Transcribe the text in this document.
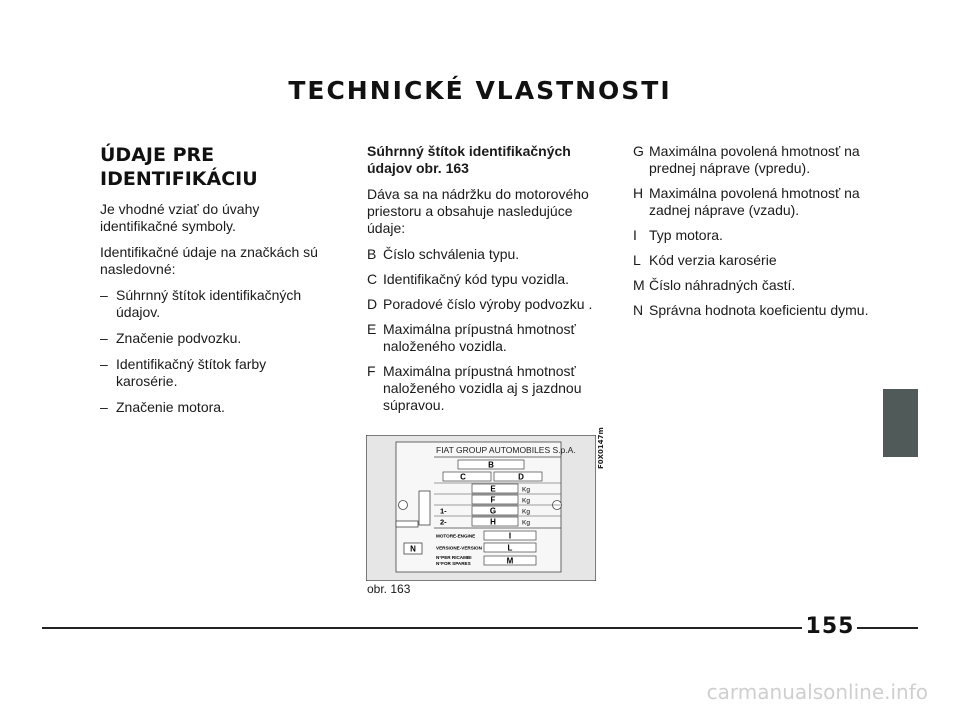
TECHNICKÉ VLASTNOSTI
ÚDAJE PRE
IDENTIFIKÁCIU

Je vhodné vziať do úvahy identifikačné symboly.

Identifikačné údaje na značkách sú nasledovné:

– Súhrnný štítok identifikačných údajov.
– Značenie podvozku.
– Identifikačný štítok farby karosérie.
– Značenie motora.
Súhrnný štítok identifikačných údajov obr. 163

Dáva sa na nádržku do motorového priestoru a obsahuje nasledujúce údaje:

B Číslo schválenia typu.
C Identifikačný kód typu vozidla.
D Poradové číslo výroby podvozku .
E Maximálna prípustná hmotnosť naloženého vozidla.
F Maximálna prípustná hmotnosť naloženého vozidla aj s jazdnou súpravou.
G Maximálna povolená hmotnosť na prednej nápravе (vpredu).
H Maximálna povolená hmotnosť na zadnej nápravе (vzadu).
I Typ motora.
L Kód verzia karosérie
M Číslo náhradných častí.
N Správna hodnota koeficientu dymu.
FIAT GROUP AUTOMOBILES S.p.A.
B
C	D
E	Kg
F	Kg
1-	G	Kg
2-	H	Kg
MOTORE-ENGINE	I
VERSIONE-VERSION	L
N°PER RICAMBI
N°FOR SPARES	M
N
F0X0147m
obr. 163
155
carmanualsonline.info
